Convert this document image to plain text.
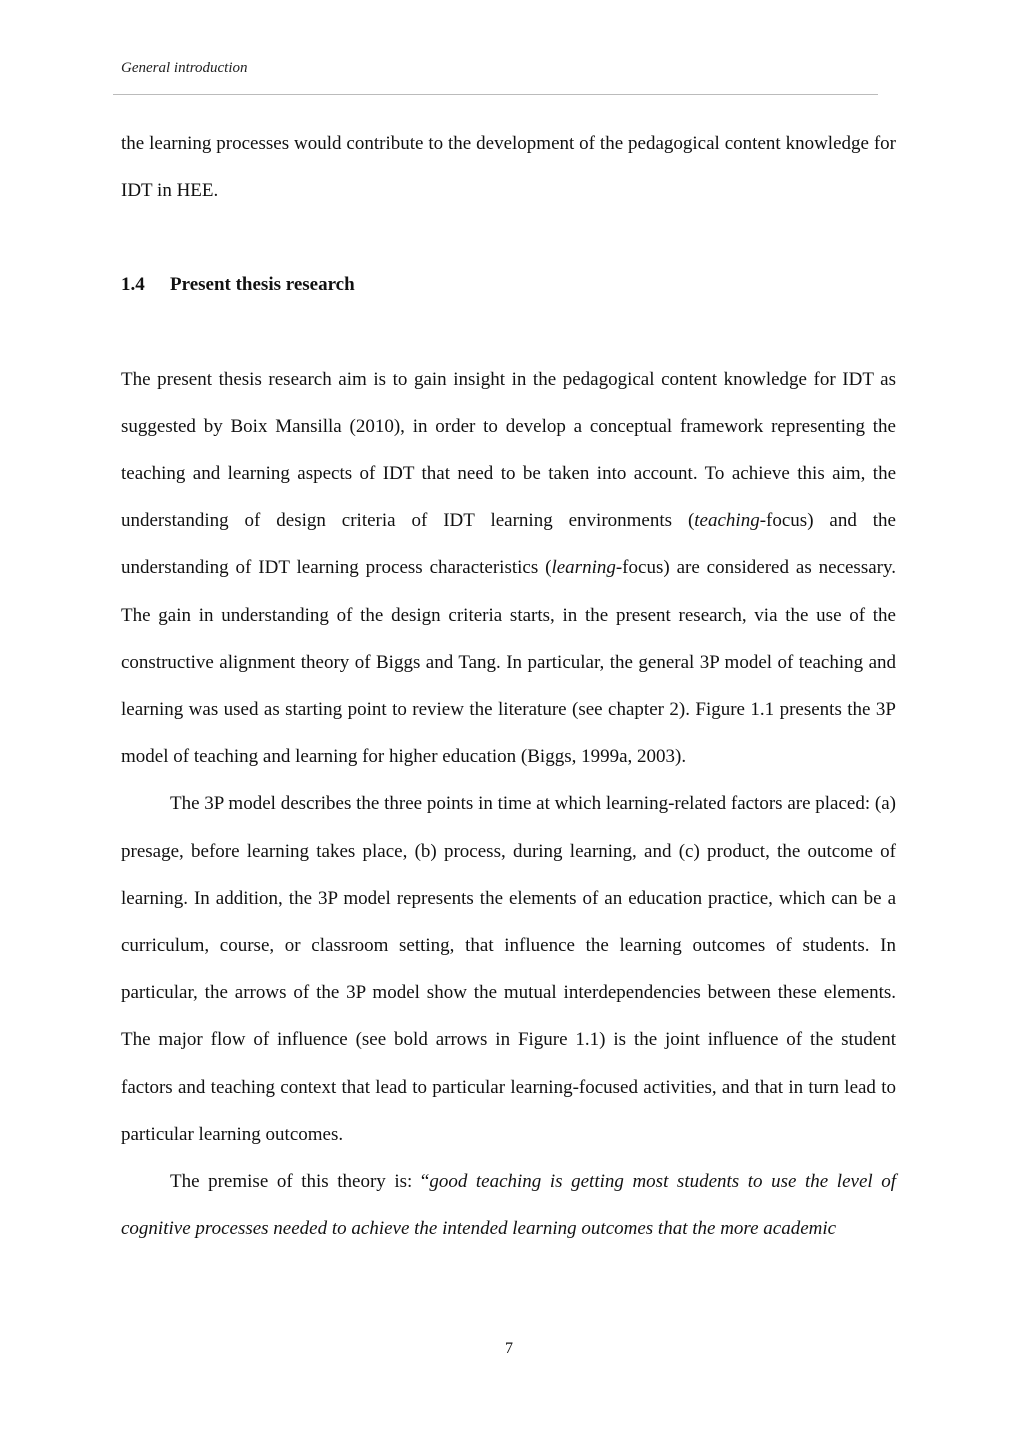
General introduction

the learning processes would contribute to the development of the pedagogical content knowledge for IDT in HEE.

1.4 Present thesis research

The present thesis research aim is to gain insight in the pedagogical content knowledge for IDT as suggested by Boix Mansilla (2010), in order to develop a conceptual framework representing the teaching and learning aspects of IDT that need to be taken into account. To achieve this aim, the understanding of design criteria of IDT learning environments (teaching-focus) and the understanding of IDT learning process characteristics (learning-focus) are considered as necessary. The gain in understanding of the design criteria starts, in the present research, via the use of the constructive alignment theory of Biggs and Tang. In particular, the general 3P model of teaching and learning was used as starting point to review the literature (see chapter 2). Figure 1.1 presents the 3P model of teaching and learning for higher education (Biggs, 1999a, 2003).

The 3P model describes the three points in time at which learning-related factors are placed: (a) presage, before learning takes place, (b) process, during learning, and (c) product, the outcome of learning. In addition, the 3P model represents the elements of an education practice, which can be a curriculum, course, or classroom setting, that influence the learning outcomes of students. In particular, the arrows of the 3P model show the mutual interdependencies between these elements. The major flow of influence (see bold arrows in Figure 1.1) is the joint influence of the student factors and teaching context that lead to particular learning-focused activities, and that in turn lead to particular learning outcomes.

The premise of this theory is: “good teaching is getting most students to use the level of cognitive processes needed to achieve the intended learning outcomes that the more academic

7
